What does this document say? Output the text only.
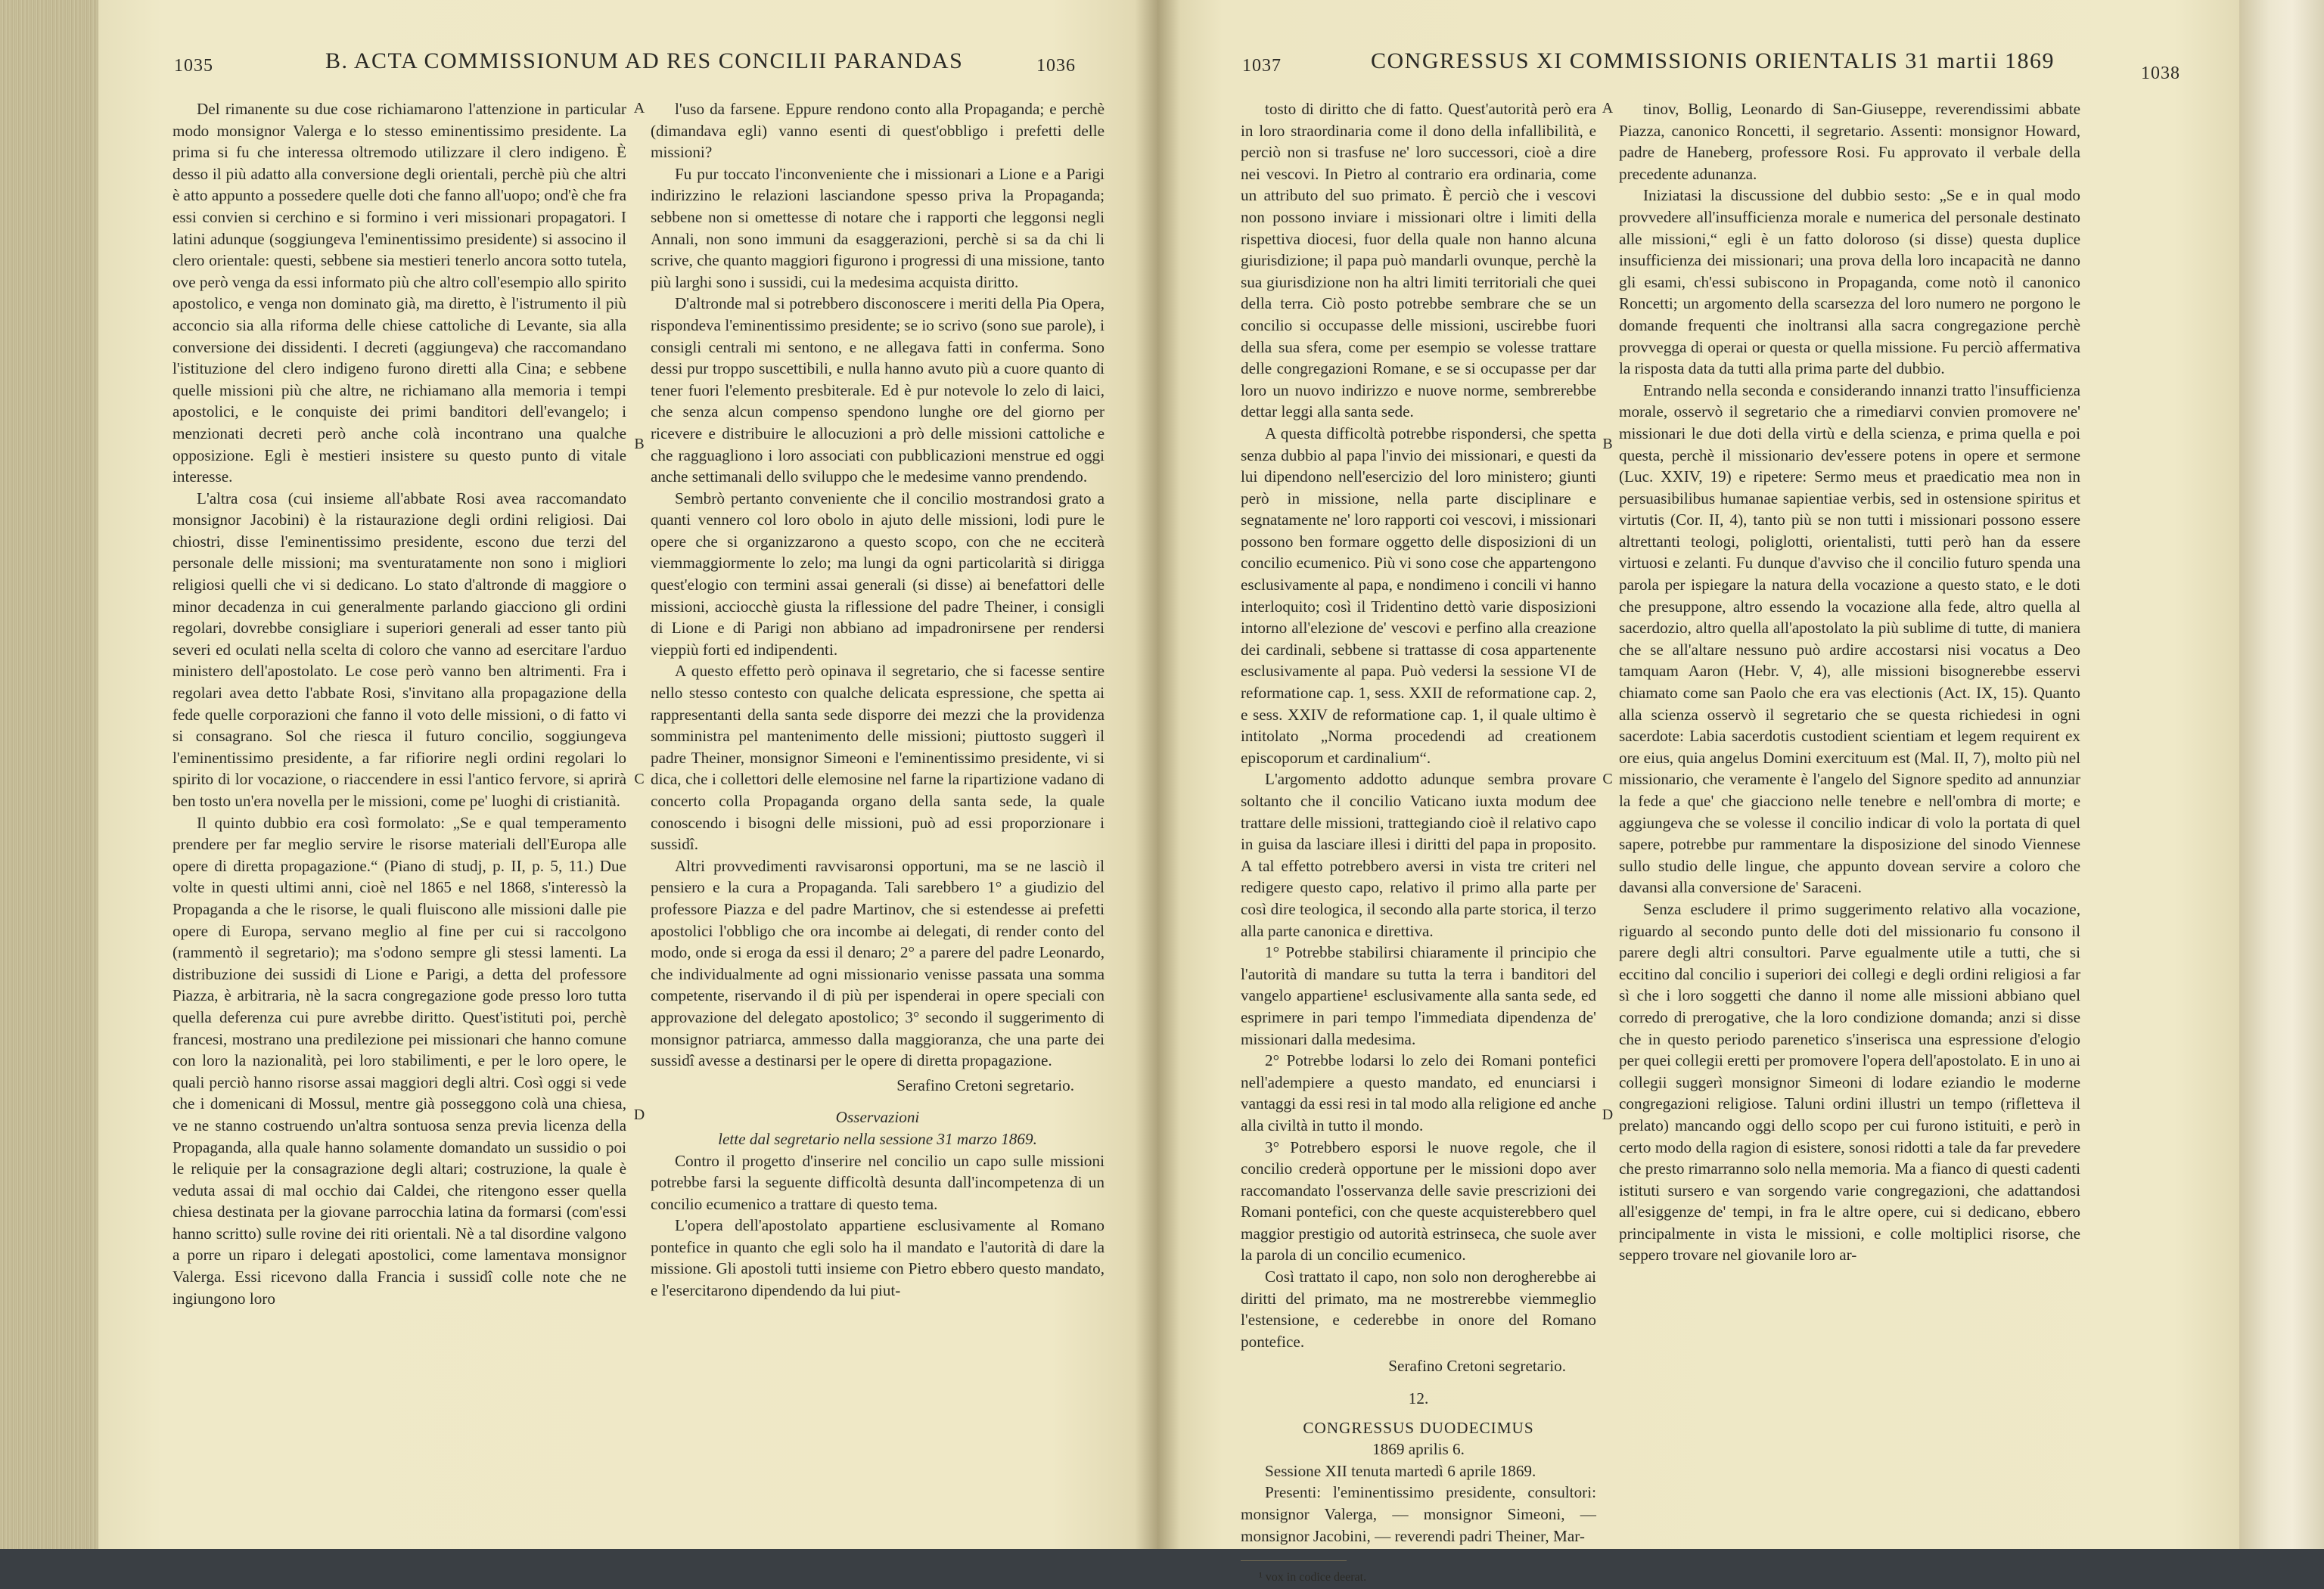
1035	B. ACTA COMMISSIONUM AD RES CONCILII PARANDAS	1036
A
B
C
D

Del rimanente su due cose richiamarono l'attenzione in particular modo monsignor Valerga e lo stesso eminentissimo presidente. La prima si fu che interessa oltremodo utilizzare il clero indigeno. È desso il più adatto alla conversione degli orientali, perchè più che altri è atto appunto a possedere quelle doti che fanno all'uopo; ond'è che fra essi convien si cerchino e si formino i veri missionari propagatori. I latini adunque (soggiungeva l'eminentissimo presidente) si associno il clero orientale: questi, sebbene sia mestieri tenerlo ancora sotto tutela, ove però venga da essi informato più che altro coll'esempio allo spirito apostolico, e venga non dominato già, ma diretto, è l'istrumento il più acconcio sia alla riforma delle chiese cattoliche di Levante, sia alla conversione dei dissidenti. I decreti (aggiungeva) che raccomandano l'istituzione del clero indigeno furono diretti alla Cina; e sebbene quelle missioni più che altre, ne richiamano alla memoria i tempi apostolici, e le conquiste dei primi banditori dell'evangelo; i menzionati decreti però anche colà incontrano una qualche opposizione. Egli è mestieri insistere su questo punto di vitale interesse.

L'altra cosa (cui insieme all'abbate Rosi avea raccomandato monsignor Jacobini) è la ristaurazione degli ordini religiosi. Dai chiostri, disse l'eminentissimo presidente, escono due terzi del personale delle missioni; ma sventuratamente non sono i migliori religiosi quelli che vi si dedicano. Lo stato d'altronde di maggiore o minor decadenza in cui generalmente parlando giacciono gli ordini regolari, dovrebbe consigliare i superiori generali ad esser tanto più severi ed oculati nella scelta di coloro che vanno ad esercitare l'arduo ministero dell'apostolato. Le cose però vanno ben altrimenti. Fra i regolari avea detto l'abbate Rosi, s'invitano alla propagazione della fede quelle corporazioni che fanno il voto delle missioni, o di fatto vi si consagrano. Sol che riesca il futuro concilio, soggiungeva l'eminentissimo presidente, a far rifiorire negli ordini regolari lo spirito di lor vocazione, o riaccendere in essi l'antico fervore, si aprirà ben tosto un'era novella per le missioni, come pe' luoghi di cristianità.

Il quinto dubbio era così formolato: „Se e qual temperamento prendere per far meglio servire le risorse materiali dell'Europa alle opere di diretta propagazione.“ (Piano di studj, p. II, p. 5, 11.) Due volte in questi ultimi anni, cioè nel 1865 e nel 1868, s'interessò la Propaganda a che le risorse, le quali fluiscono alle missioni dalle pie opere di Europa, servano meglio al fine per cui si raccolgono (rammentò il segretario); ma s'odono sempre gli stessi lamenti. La distribuzione dei sussidi di Lione e Parigi, a detta del professore Piazza, è arbitraria, nè la sacra congregazione gode presso loro tutta quella deferenza cui pure avrebbe diritto. Quest'istituti poi, perchè francesi, mostrano una predilezione pei missionari che hanno comune con loro la nazionalità, pei loro stabilimenti, e per le loro opere, le quali perciò hanno risorse assai maggiori degli altri. Così oggi si vede che i domenicani di Mossul, mentre già posseggono colà una chiesa, ve ne stanno costruendo un'altra sontuosa senza previa licenza della Propaganda, alla quale hanno solamente domandato un sussidio o poi le reliquie per la consagrazione degli altari; costruzione, la quale è veduta assai di mal occhio dai Caldei, che ritengono esser quella chiesa destinata per la giovane parrocchia latina da formarsi (com'essi hanno scritto) sulle rovine dei riti orientali. Nè a tal disordine valgono a porre un riparo i delegati apostolici, come lamentava monsignor Valerga. Essi ricevono dalla Francia i sussidî colle note che ne ingiungono loro

l'uso da farsene. Eppure rendono conto alla Propaganda; e perchè (dimandava egli) vanno esenti di quest'obbligo i prefetti delle missioni?

Fu pur toccato l'inconveniente che i missionari a Lione e a Parigi indirizzino le relazioni lasciandone spesso priva la Propaganda; sebbene non si omettesse di notare che i rapporti che leggonsi negli Annali, non sono immuni da esaggerazioni, perchè si sa da chi li scrive, che quanto maggiori figurono i progressi di una missione, tanto più larghi sono i sussidi, cui la medesima acquista diritto.

D'altronde mal si potrebbero disconoscere i meriti della Pia Opera, rispondeva l'eminentissimo presidente; se io scrivo (sono sue parole), i consigli centrali mi sentono, e ne allegava fatti in conferma. Sono dessi pur troppo suscettibili, e nulla hanno avuto più a cuore quanto di tener fuori l'elemento presbiterale. Ed è pur notevole lo zelo di laici, che senza alcun compenso spendono lunghe ore del giorno per ricevere e distribuire le allocuzioni a prò delle missioni cattoliche e che ragguagliono i loro associati con pubblicazioni menstrue ed oggi anche settimanali dello sviluppo che le medesime vanno prendendo.

Sembrò pertanto conveniente che il concilio mostrandosi grato a quanti vennero col loro obolo in ajuto delle missioni, lodi pure le opere che si organizzarono a questo scopo, con che ne ecciterà viemmaggiormente lo zelo; ma lungi da ogni particolarità si dirigga quest'elogio con termini assai generali (si disse) ai benefattori delle missioni, acciocchè giusta la riflessione del padre Theiner, i consigli di Lione e di Parigi non abbiano ad impadronirsene per rendersi vieppiù forti ed indipendenti.

A questo effetto però opinava il segretario, che si facesse sentire nello stesso contesto con qualche delicata espressione, che spetta ai rappresentanti della santa sede disporre dei mezzi che la providenza somministra pel mantenimento delle missioni; piuttosto suggerì il padre Theiner, monsignor Simeoni e l'eminentissimo presidente, vi si dica, che i collettori delle elemosine nel farne la ripartizione vadano di concerto colla Propaganda organo della santa sede, la quale conoscendo i bisogni delle missioni, può ad essi proporzionare i sussidî.

Altri provvedimenti ravvisaronsi opportuni, ma se ne lasciò il pensiero e la cura a Propaganda. Tali sarebbero 1° a giudizio del professore Piazza e del padre Martinov, che si estendesse ai prefetti apostolici l'obbligo che ora incombe ai delegati, di render conto del modo, onde si eroga da essi il denaro; 2° a parere del padre Leonardo, che individualmente ad ogni missionario venisse passata una somma competente, riservando il di più per ispenderai in opere speciali con approvazione del delegato apostolico; 3° secondo il suggerimento di monsignor patriarca, ammesso dalla maggioranza, che una parte dei sussidî avesse a destinarsi per le opere di diretta propagazione.

Serafino Cretoni segretario.

Osservazioni

lette dal segretario nella sessione 31 marzo 1869.

Contro il progetto d'inserire nel concilio un capo sulle missioni potrebbe farsi la seguente difficoltà desunta dall'incompetenza di un concilio ecumenico a trattare di questo tema.

L'opera dell'apostolato appartiene esclusivamente al Romano pontefice in quanto che egli solo ha il mandato e l'autorità di dare la missione. Gli apostoli tutti insieme con Pietro ebbero questo mandato, e l'esercitarono dipendendo da lui piut-

1037	CONGRESSUS XI COMMISSIONIS ORIENTALIS 31 martii 1869	1038
A
B
C
D

tosto di diritto che di fatto. Quest'autorità però era in loro straordinaria come il dono della infallibilità, e perciò non si trasfuse ne' loro successori, cioè a dire nei vescovi. In Pietro al contrario era ordinaria, come un attributo del suo primato. È perciò che i vescovi non possono inviare i missionari oltre i limiti della rispettiva diocesi, fuor della quale non hanno alcuna giurisdizione; il papa può mandarli ovunque, perchè la sua giurisdizione non ha altri limiti territoriali che quei della terra. Ciò posto potrebbe sembrare che se un concilio si occupasse delle missioni, uscirebbe fuori della sua sfera, come per esempio se volesse trattare delle congregazioni Romane, e se si occupasse per dar loro un nuovo indirizzo e nuove norme, sembrerebbe dettar leggi alla santa sede.

A questa difficoltà potrebbe rispondersi, che spetta senza dubbio al papa l'invio dei missionari, e questi da lui dipendono nell'esercizio del loro ministero; giunti però in missione, nella parte disciplinare e segnatamente ne' loro rapporti coi vescovi, i missionari possono ben formare oggetto delle disposizioni di un concilio ecumenico. Più vi sono cose che appartengono esclusivamente al papa, e nondimeno i concili vi hanno interloquito; così il Tridentino dettò varie disposizioni intorno all'elezione de' vescovi e perfino alla creazione dei cardinali, sebbene si trattasse di cosa appartenente esclusivamente al papa. Può vedersi la sessione VI de reformatione cap. 1, sess. XXII de reformatione cap. 2, e sess. XXIV de reformatione cap. 1, il quale ultimo è intitolato „Norma procedendi ad creationem episcoporum et cardinalium“.

L'argomento addotto adunque sembra provare soltanto che il concilio Vaticano iuxta modum dee trattare delle missioni, trattegiando cioè il relativo capo in guisa da lasciare illesi i diritti del papa in proposito. A tal effetto potrebbero aversi in vista tre criteri nel redigere questo capo, relativo il primo alla parte per così dire teologica, il secondo alla parte storica, il terzo alla parte canonica e direttiva.

1° Potrebbe stabilirsi chiaramente il principio che l'autorità di mandare su tutta la terra i banditori del vangelo appartiene¹ esclusivamente alla santa sede, ed esprimere in pari tempo l'immediata dipendenza de' missionari dalla medesima.

2° Potrebbe lodarsi lo zelo dei Romani pontefici nell'adempiere a questo mandato, ed enunciarsi i vantaggi da essi resi in tal modo alla religione ed anche alla civiltà in tutto il mondo.

3° Potrebbero esporsi le nuove regole, che il concilio crederà opportune per le missioni dopo aver raccomandato l'osservanza delle savie prescrizioni dei Romani pontefici, con che queste acquisterebbero quel maggior prestigio od autorità estrinseca, che suole aver la parola di un concilio ecumenico.

Così trattato il capo, non solo non derogherebbe ai diritti del primato, ma ne mostrerebbe viemmeglio l'estensione, e cederebbe in onore del Romano pontefice.

Serafino Cretoni segretario.

12.

CONGRESSUS DUODECIMUS

1869 aprilis 6.

Sessione XII tenuta martedì 6 aprile 1869.

Presenti: l'eminentissimo presidente, consultori: monsignor Valerga, — monsignor Simeoni, — monsignor Jacobini, — reverendi padri Theiner, Mar-

¹ vox in codice deerat.

tinov, Bollig, Leonardo di San-Giuseppe, reverendissimi abbate Piazza, canonico Roncetti, il segretario. Assenti: monsignor Howard, padre de Haneberg, professore Rosi. Fu approvato il verbale della precedente adunanza.

Iniziatasi la discussione del dubbio sesto: „Se e in qual modo provvedere all'insufficienza morale e numerica del personale destinato alle missioni,“ egli è un fatto doloroso (si disse) questa duplice insufficienza dei missionari; una prova della loro incapacità ne danno gli esami, ch'essi subiscono in Propaganda, come notò il canonico Roncetti; un argomento della scarsezza del loro numero ne porgono le domande frequenti che inoltransi alla sacra congregazione perchè provvegga di operai or questa or quella missione. Fu perciò affermativa la risposta data da tutti alla prima parte del dubbio.

Entrando nella seconda e considerando innanzi tratto l'insufficienza morale, osservò il segretario che a rimediarvi convien promovere ne' missionari le due doti della virtù e della scienza, e prima quella e poi questa, perchè il missionario dev'essere potens in opere et sermone (Luc. XXIV, 19) e ripetere: Sermo meus et praedicatio mea non in persuasibilibus humanae sapientiae verbis, sed in ostensione spiritus et virtutis (Cor. II, 4), tanto più se non tutti i missionari possono essere altrettanti teologi, poliglotti, orientalisti, tutti però han da essere virtuosi e zelanti. Fu dunque d'avviso che il concilio futuro spenda una parola per ispiegare la natura della vocazione a questo stato, e le doti che presuppone, altro essendo la vocazione alla fede, altro quella al sacerdozio, altro quella all'apostolato la più sublime di tutte, di maniera che se all'altare nessuno può ardire accostarsi nisi vocatus a Deo tamquam Aaron (Hebr. V, 4), alle missioni bisognerebbe esservi chiamato come san Paolo che era vas electionis (Act. IX, 15). Quanto alla scienza osservò il segretario che se questa richiedesi in ogni sacerdote: Labia sacerdotis custodient scientiam et legem requirent ex ore eius, quia angelus Domini exercituum est (Mal. II, 7), molto più nel missionario, che veramente è l'angelo del Signore spedito ad annunziar la fede a que' che giacciono nelle tenebre e nell'ombra di morte; e aggiungeva che se volesse il concilio indicar di volo la portata di quel sapere, potrebbe pur rammentare la disposizione del sinodo Viennese sullo studio delle lingue, che appunto dovean servire a coloro che davansi alla conversione de' Saraceni.

Senza escludere il primo suggerimento relativo alla vocazione, riguardo al secondo punto delle doti del missionario fu consono il parere degli altri consultori. Parve egualmente utile a tutti, che si eccitino dal concilio i superiori dei collegi e degli ordini religiosi a far sì che i loro soggetti che danno il nome alle missioni abbiano quel corredo di prerogative, che la loro condizione domanda; anzi si disse che in questo periodo parenetico s'inserisca una espressione d'elogio per quei collegii eretti per promovere l'opera dell'apostolato. E in uno ai collegii suggerì monsignor Simeoni di lodare eziandio le moderne congregazioni religiose. Taluni ordini illustri un tempo (rifletteva il prelato) mancando oggi dello scopo per cui furono istituiti, e però in certo modo della ragion di esistere, sonosi ridotti a tale da far prevedere che presto rimarranno solo nella memoria. Ma a fianco di questi cadenti istituti sursero e van sorgendo varie congregazioni, che adattandosi all'esiggenze de' tempi, in fra le altre opere, cui si dedicano, ebbero principalmente in vista le missioni, e colle moltiplici risorse, che seppero trovare nel giovanile loro ar-
